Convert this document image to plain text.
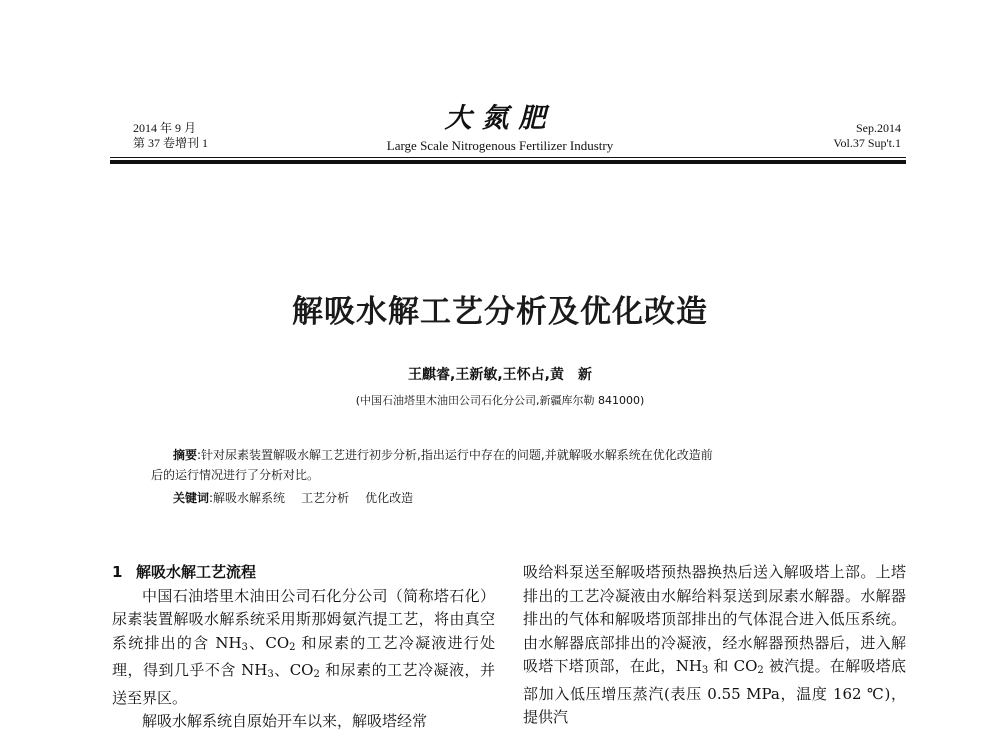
2014 年 9 月
第 37 卷增刊 1
大氮肥
Large Scale Nitrogenous Fertilizer Industry
Sep.2014
Vol.37 Sup't.1
解吸水解工艺分析及优化改造
王麒睿,王新敏,王怀占,黄　新
(中国石油塔里木油田公司石化分公司,新疆库尔勒 841000)
摘要:针对尿素装置解吸水解工艺进行初步分析,指出运行中存在的问题,并就解吸水解系统在优化改造前
后的运行情况进行了分析对比。
关键词:解吸水解系统 工艺分析 优化改造
1 解吸水解工艺流程

中国石油塔里木油田公司石化分公司（简称塔石化）尿素装置解吸水解系统采用斯那姆氨汽提工艺，将由真空系统排出的含 $NH_3$、$CO_2$ 和尿素的工艺冷凝液进行处理，得到几乎不含 $NH_3$、$CO_2$ 和尿素的工艺冷凝液，并送至界区。

解吸水解系统自原始开车以来，解吸塔经常

吸给料泵送至解吸塔预热器换热后送入解吸塔上部。上塔排出的工艺冷凝液由水解给料泵送到尿素水解器。水解器排出的气体和解吸塔顶部排出的气体混合进入低压系统。由水解器底部排出的冷凝液，经水解器预热器后，进入解吸塔下塔顶部，在此，$NH_3$ 和 $CO_2$ 被汽提。在解吸塔底部加入低压增压蒸汽(表压 0.55 MPa，温度 162 ℃)，提供汽
